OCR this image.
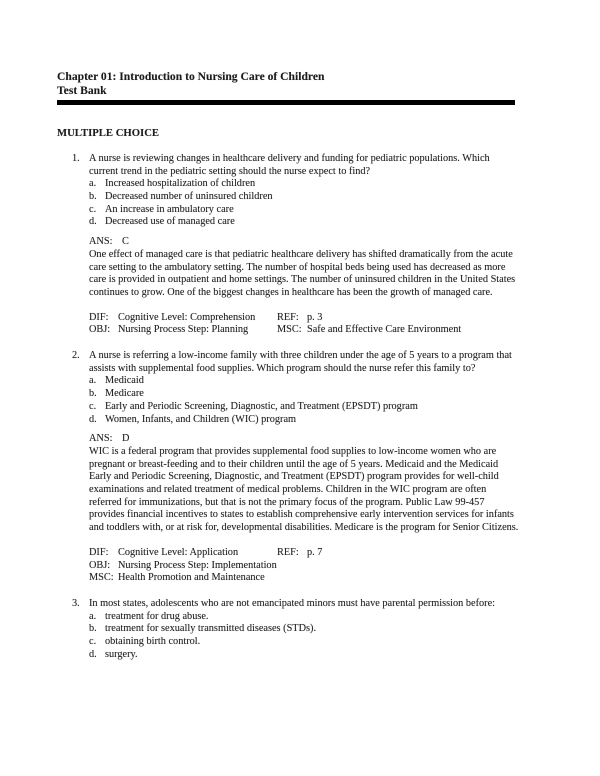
Chapter 01: Introduction to Nursing Care of Children
Test Bank
MULTIPLE CHOICE
1. A nurse is reviewing changes in healthcare delivery and funding for pediatric populations. Which current trend in the pediatric setting should the nurse expect to find?
a. Increased hospitalization of children
b. Decreased number of uninsured children
c. An increase in ambulatory care
d. Decreased use of managed care
ANS: C
One effect of managed care is that pediatric healthcare delivery has shifted dramatically from the acute care setting to the ambulatory setting. The number of hospital beds being used has decreased as more care is provided in outpatient and home settings. The number of uninsured children in the United States continues to grow. One of the biggest changes in healthcare has been the growth of managed care.
DIF: Cognitive Level: Comprehension	REF: p. 3
OBJ: Nursing Process Step: Planning	MSC: Safe and Effective Care Environment
2. A nurse is referring a low-income family with three children under the age of 5 years to a program that assists with supplemental food supplies. Which program should the nurse refer this family to?
a. Medicaid
b. Medicare
c. Early and Periodic Screening, Diagnostic, and Treatment (EPSDT) program
d. Women, Infants, and Children (WIC) program
ANS: D
WIC is a federal program that provides supplemental food supplies to low-income women who are pregnant or breast-feeding and to their children until the age of 5 years. Medicaid and the Medicaid Early and Periodic Screening, Diagnostic, and Treatment (EPSDT) program provides for well-child examinations and related treatment of medical problems. Children in the WIC program are often referred for immunizations, but that is not the primary focus of the program. Public Law 99-457 provides financial incentives to states to establish comprehensive early intervention services for infants and toddlers with, or at risk for, developmental disabilities. Medicare is the program for Senior Citizens.
DIF: Cognitive Level: Application	REF: p. 7
OBJ: Nursing Process Step: Implementation
MSC: Health Promotion and Maintenance
3. In most states, adolescents who are not emancipated minors must have parental permission before:
a. treatment for drug abuse.
b. treatment for sexually transmitted diseases (STDs).
c. obtaining birth control.
d. surgery.
